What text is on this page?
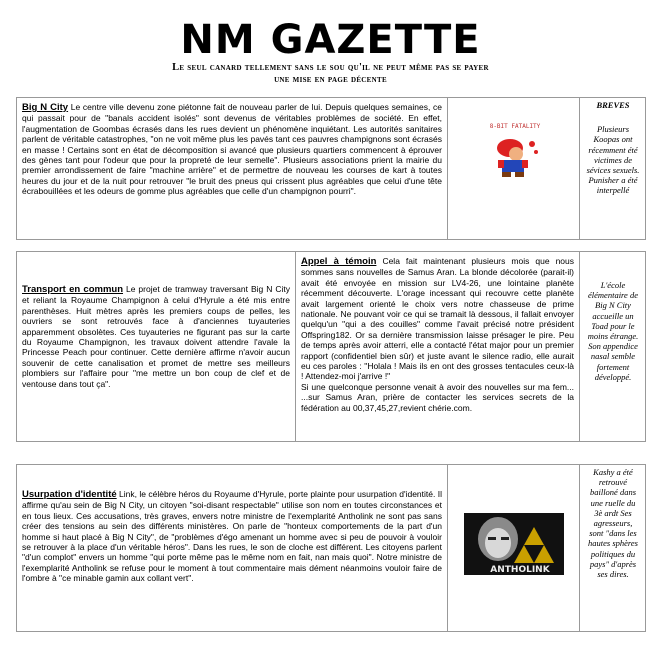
NM GAZETTE
Le seul canard tellement sans le sou qu'il ne peut même pas se payer
une mise en page décente
Big N City Le centre ville devenu zone piétonne fait de nouveau parler de lui. Depuis quelques semaines, ce qui passait pour de "banals accident isolés" sont devenus de véritables problèmes de société. En effet, l'augmentation de Goombas écrasés dans les rues devient un phénomène inquiétant. Les autorités sanitaires parlent de véritable catastrophes, "on ne voit même plus les pavés tant ces pauvres champignons sont écrasés en masse ! Certains sont en état de décomposition si avancé que plusieurs quartiers commencent à éprouver des gènes tant pour l'odeur que pour la propreté de leur semelle". Plusieurs associations prient la mairie du premier arrondissement de faire "machine arrière" et de permettre de nouveau les courses de kart à toutes heures du jour et de la nuit pour retrouver "le bruit des pneus qui crissent plus agréables que celui d'une tête écrabouillées et les odeurs de gomme plus agréables que celle d'un champignon pourri".
8-BIT FATALITY
BREVES
Plusieurs Koopas ont récemment été victimes de sévices sexuels. Punisher a été interpellé
Transport en commun Le projet de tramway traversant Big N City et reliant la Royaume Champignon à celui d'Hyrule a été mis entre parenthèses. Huit mètres après les premiers coups de pelles, les ouvriers se sont retrouvés face à d'anciennes tuyauteries apparemment obsolètes. Ces tuyauteries ne figurant pas sur la carte du Royaume Champignon, les travaux doivent attendre l'avale la Princesse Peach pour continuer. Cette dernière affirme n'avoir aucun souvenir de cette canalisation et promet de mettre ses meilleurs plombiers sur l'affaire pour "me mettre un bon coup de clef et de ventouse dans tout ça".
Appel à témoin Cela fait maintenant plusieurs mois que nous sommes sans nouvelles de Samus Aran. La blonde décolorée (parait-il) avait été envoyée en mission sur LV4-26, une lointaine planète récemment découverte. L'orage incessant qui recouvre cette planète avait largement orienté le choix vers notre chasseuse de prime nationale. Ne pouvant voir ce qui se tramait là dessous, il fallait envoyer quelqu'un "qui a des couilles" comme l'avait précisé notre président Offspring182. Or sa dernière transmission laisse présager le pire. Peu de temps après avoir atterri, elle a contacté l'état major pour un premier rapport (confidentiel bien sûr) et juste avant le silence radio, elle aurait eu ces paroles : "Holala ! Mais ils en ont des grosses tentacules ceux-là ! Attendez-moi j'arrive !"
Si une quelconque personne venait à avoir des nouvelles sur ma fem... ...sur Samus Aran, prière de contacter les services secrets de la fédération au 00,37,45,27,revient chérie.com.
L'école élémentaire de Big N City accueille un Toad pour le moins étrange. Son appendice nasal semble fortement développé.
Usurpation d'identité Link, le célèbre héros du Royaume d'Hyrule, porte plainte pour usurpation d'identité. Il affirme qu'au sein de Big N City, un citoyen "soi-disant respectable" utilise son nom en toutes circonstances et en tous lieux. Ces accusations, très graves, envers notre ministre de l'exemplarité Antholink ne sont pas sans créer des tensions au sein des différents ministères. On parle de "honteux comportements de la part d'un homme si haut placé à Big N City", de "problèmes d'égo amenant un homme avec si peu de pouvoir à vouloir se retrouver à la place d'un véritable héros". Dans les rues, le son de cloche est différent. Les citoyens parlent "d'un complot" envers un homme "qui porte même pas le même nom en fait, nan mais quoi". Notre ministre de l'exemplarité Antholink se refuse pour le moment à tout commentaire mais dément néanmoins vouloir faire de l'ombre à "ce minable gamin aux collant vert".
ANTHOLINK
Kashy a été retrouvé bailloné dans une ruelle du 3è ardt Ses agresseurs, sont "dans les hautes sphères politiques du pays" d'après ses dires.
